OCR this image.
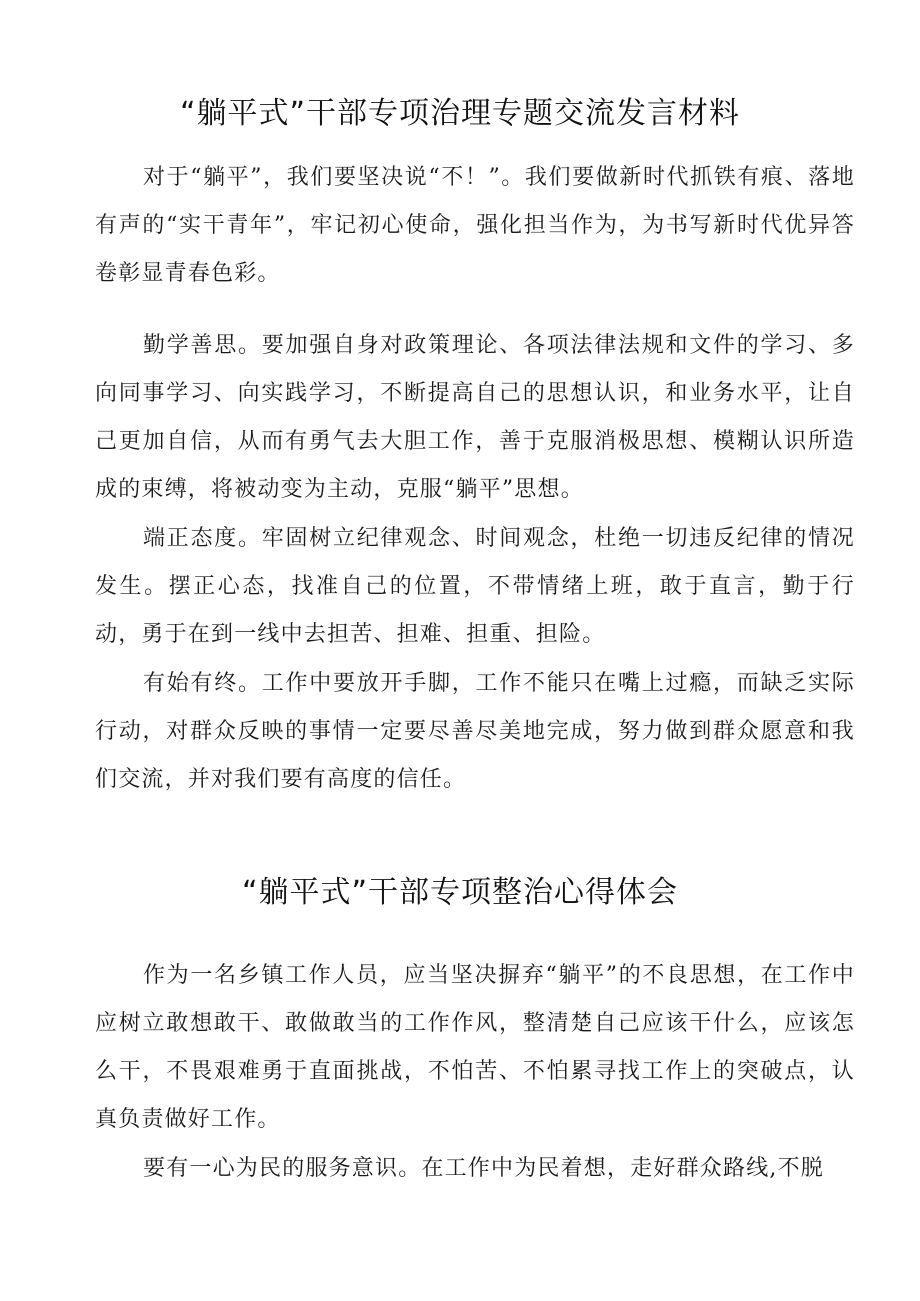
“躺平式”干部专项治理专题交流发言材料

对于“躺平”，我们要坚决说“不！”。我们要做新时代抓铁有痕、落地有声的“实干青年”，牢记初心使命，强化担当作为，为书写新时代优异答卷彰显青春色彩。

勤学善思。要加强自身对政策理论、各项法律法规和文件的学习、多向同事学习、向实践学习，不断提高自己的思想认识，和业务水平，让自己更加自信，从而有勇气去大胆工作，善于克服消极思想、模糊认识所造成的束缚，将被动变为主动，克服“躺平”思想。

端正态度。牢固树立纪律观念、时间观念，杜绝一切违反纪律的情况发生。摆正心态，找准自己的位置，不带情绪上班，敢于直言，勤于行动，勇于在到一线中去担苦、担难、担重、担险。

有始有终。工作中要放开手脚，工作不能只在嘴上过瘾，而缺乏实际行动，对群众反映的事情一定要尽善尽美地完成，努力做到群众愿意和我们交流，并对我们要有高度的信任。

“躺平式”干部专项整治心得体会

作为一名乡镇工作人员，应当坚决摒弃“躺平”的不良思想，在工作中应树立敢想敢干、敢做敢当的工作作风，整清楚自己应该干什么，应该怎么干，不畏艰难勇于直面挑战，不怕苦、不怕累寻找工作上的突破点，认真负责做好工作。

要有一心为民的服务意识。在工作中为民着想，走好群众路线,不脱
